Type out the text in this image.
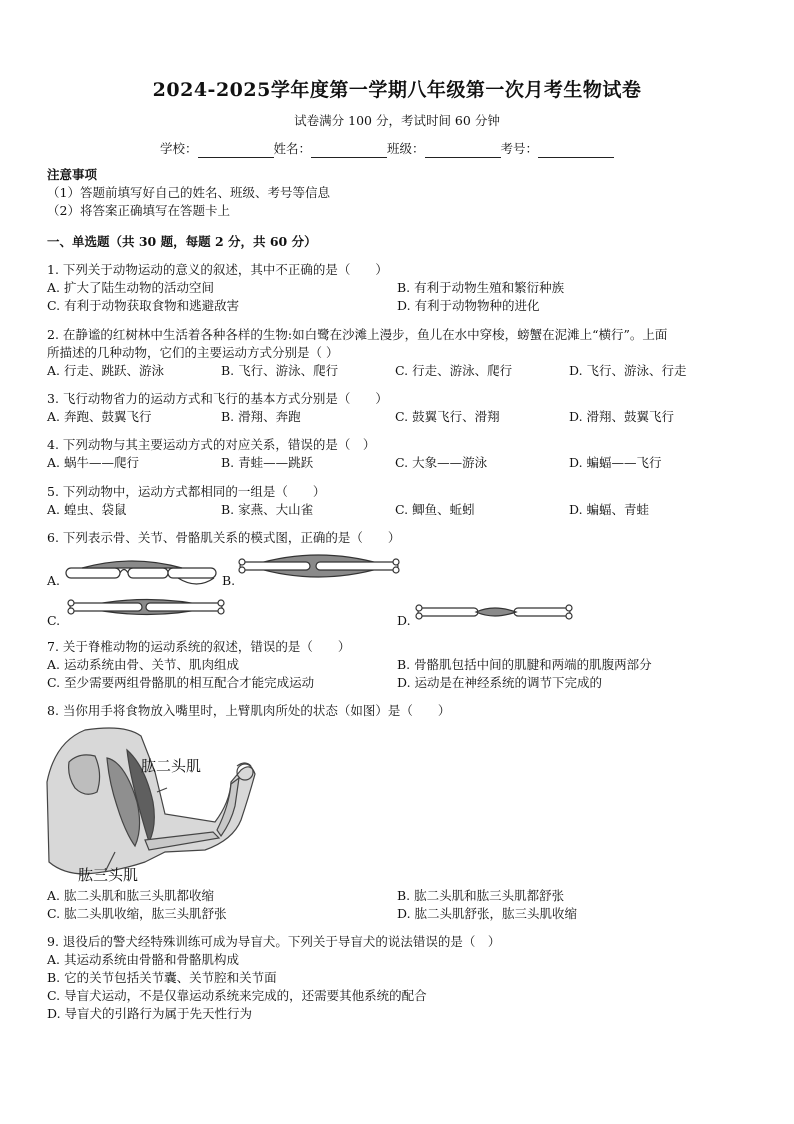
2024-2025学年度第一学期八年级第一次月考生物试卷
试卷满分 100 分，考试时间 60 分钟
学校：	姓名：	班级：	考号：
注意事项
（1）答题前填写好自己的姓名、班级、考号等信息
（2）将答案正确填写在答题卡上
一、单选题（共 30 题，每题 2 分，共 60 分）
1. 下列关于动物运动的意义的叙述，其中不正确的是（　　）
A. 扩大了陆生动物的活动空间	B. 有利于动物生殖和繁衍种族
C. 有利于动物获取食物和逃避敌害	D. 有利于动物物种的进化
2. 在静谧的红树林中生活着各种各样的生物:如白鹭在沙滩上漫步，鱼儿在水中穿梭，螃蟹在泥滩上“横行”。上面
所描述的几种动物，它们的主要运动方式分别是（ ）
A. 行走、跳跃、游泳	B. 飞行、游泳、爬行	C. 行走、游泳、爬行	D. 飞行、游泳、行走
3. 飞行动物省力的运动方式和飞行的基本方式分别是（　　）
A. 奔跑、鼓翼飞行	B. 滑翔、奔跑	C. 鼓翼飞行、滑翔	D. 滑翔、鼓翼飞行
4. 下列动物与其主要运动方式的对应关系，错误的是（　）
A. 蜗牛——爬行	B. 青蛙——跳跃	C. 大象——游泳	D. 蝙蝠——飞行
5. 下列动物中，运动方式都相同的一组是（　　）
A. 蝗虫、袋鼠	B. 家燕、大山雀	C. 鲫鱼、蚯蚓	D. 蝙蝠、青蛙
6. 下列表示骨、关节、骨骼肌关系的模式图，正确的是（　　）
A.	B.
C.	D.
7. 关于脊椎动物的运动系统的叙述，错误的是（　　）
A. 运动系统由骨、关节、肌肉组成	B. 骨骼肌包括中间的肌腱和两端的肌腹两部分
C. 至少需要两组骨骼肌的相互配合才能完成运动	D. 运动是在神经系统的调节下完成的
8. 当你用手将食物放入嘴里时，上臂肌肉所处的状态（如图）是（　　）
肱二头肌
肱三头肌
A. 肱二头肌和肱三头肌都收缩	B. 肱二头肌和肱三头肌都舒张
C. 肱二头肌收缩，肱三头肌舒张	D. 肱二头肌舒张，肱三头肌收缩
9. 退役后的警犬经特殊训练可成为导盲犬。下列关于导盲犬的说法错误的是（　）
A. 其运动系统由骨骼和骨骼肌构成
B. 它的关节包括关节囊、关节腔和关节面
C. 导盲犬运动，不是仅靠运动系统来完成的，还需要其他系统的配合
D. 导盲犬的引路行为属于先天性行为
